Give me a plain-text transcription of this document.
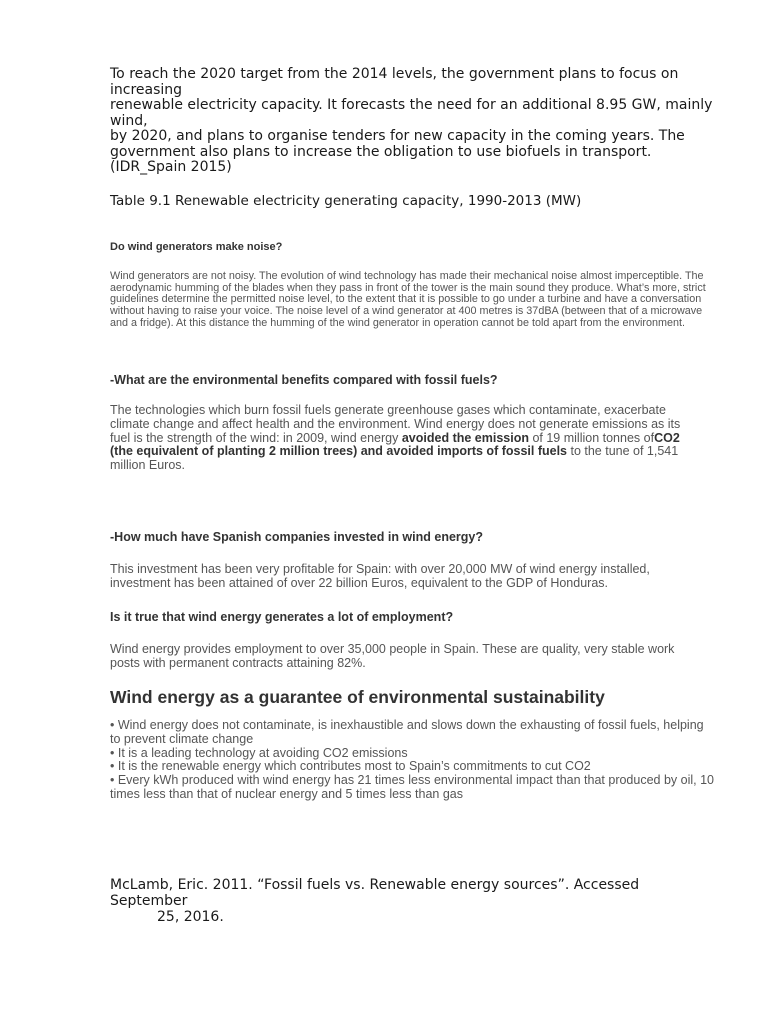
To reach the 2020 target from the 2014 levels, the government plans to focus on increasing
renewable electricity capacity. It forecasts the need for an additional 8.95 GW, mainly wind,
by 2020, and plans to organise tenders for new capacity in the coming years. The
government also plans to increase the obligation to use biofuels in transport.
(IDR_Spain 2015)
Table 9.1 Renewable electricity generating capacity, 1990-2013 (MW)
Do wind generators make noise?
Wind generators are not noisy. The evolution of wind technology has made their mechanical noise almost imperceptible. The aerodynamic humming of the blades when they pass in front of the tower is the main sound they produce. What’s more, strict guidelines determine the permitted noise level, to the extent that it is possible to go under a turbine and have a conversation without having to raise your voice. The noise level of a wind generator at 400 metres is 37dBA (between that of a microwave and a fridge). At this distance the humming of the wind generator in operation cannot be told apart from the environment.
-What are the environmental benefits compared with fossil fuels?
The technologies which burn fossil fuels generate greenhouse gases which contaminate, exacerbate climate change and affect health and the environment. Wind energy does not generate emissions as its fuel is the strength of the wind: in 2009, wind energy avoided the emission of 19 million tonnes ofCO2 (the equivalent of planting 2 million trees) and avoided imports of fossil fuels to the tune of 1,541 million Euros.
-How much have Spanish companies invested in wind energy?
This investment has been very profitable for Spain: with over 20,000 MW of wind energy installed, investment has been attained of over 22 billion Euros, equivalent to the GDP of Honduras.
Is it true that wind energy generates a lot of employment?
Wind energy provides employment to over 35,000 people in Spain. These are quality, very stable work posts with permanent contracts attaining 82%.
Wind energy as a guarantee of environmental sustainability
• Wind energy does not contaminate, is inexhaustible and slows down the exhausting of fossil fuels, helping to prevent climate change
• It is a leading technology at avoiding CO2 emissions
• It is the renewable energy which contributes most to Spain’s commitments to cut CO2
• Every kWh produced with wind energy has 21 times less environmental impact than that produced by oil, 10 times less than that of nuclear energy and 5 times less than gas
McLamb, Eric. 2011. “Fossil fuels vs. Renewable energy sources”. Accessed September
25, 2016.
